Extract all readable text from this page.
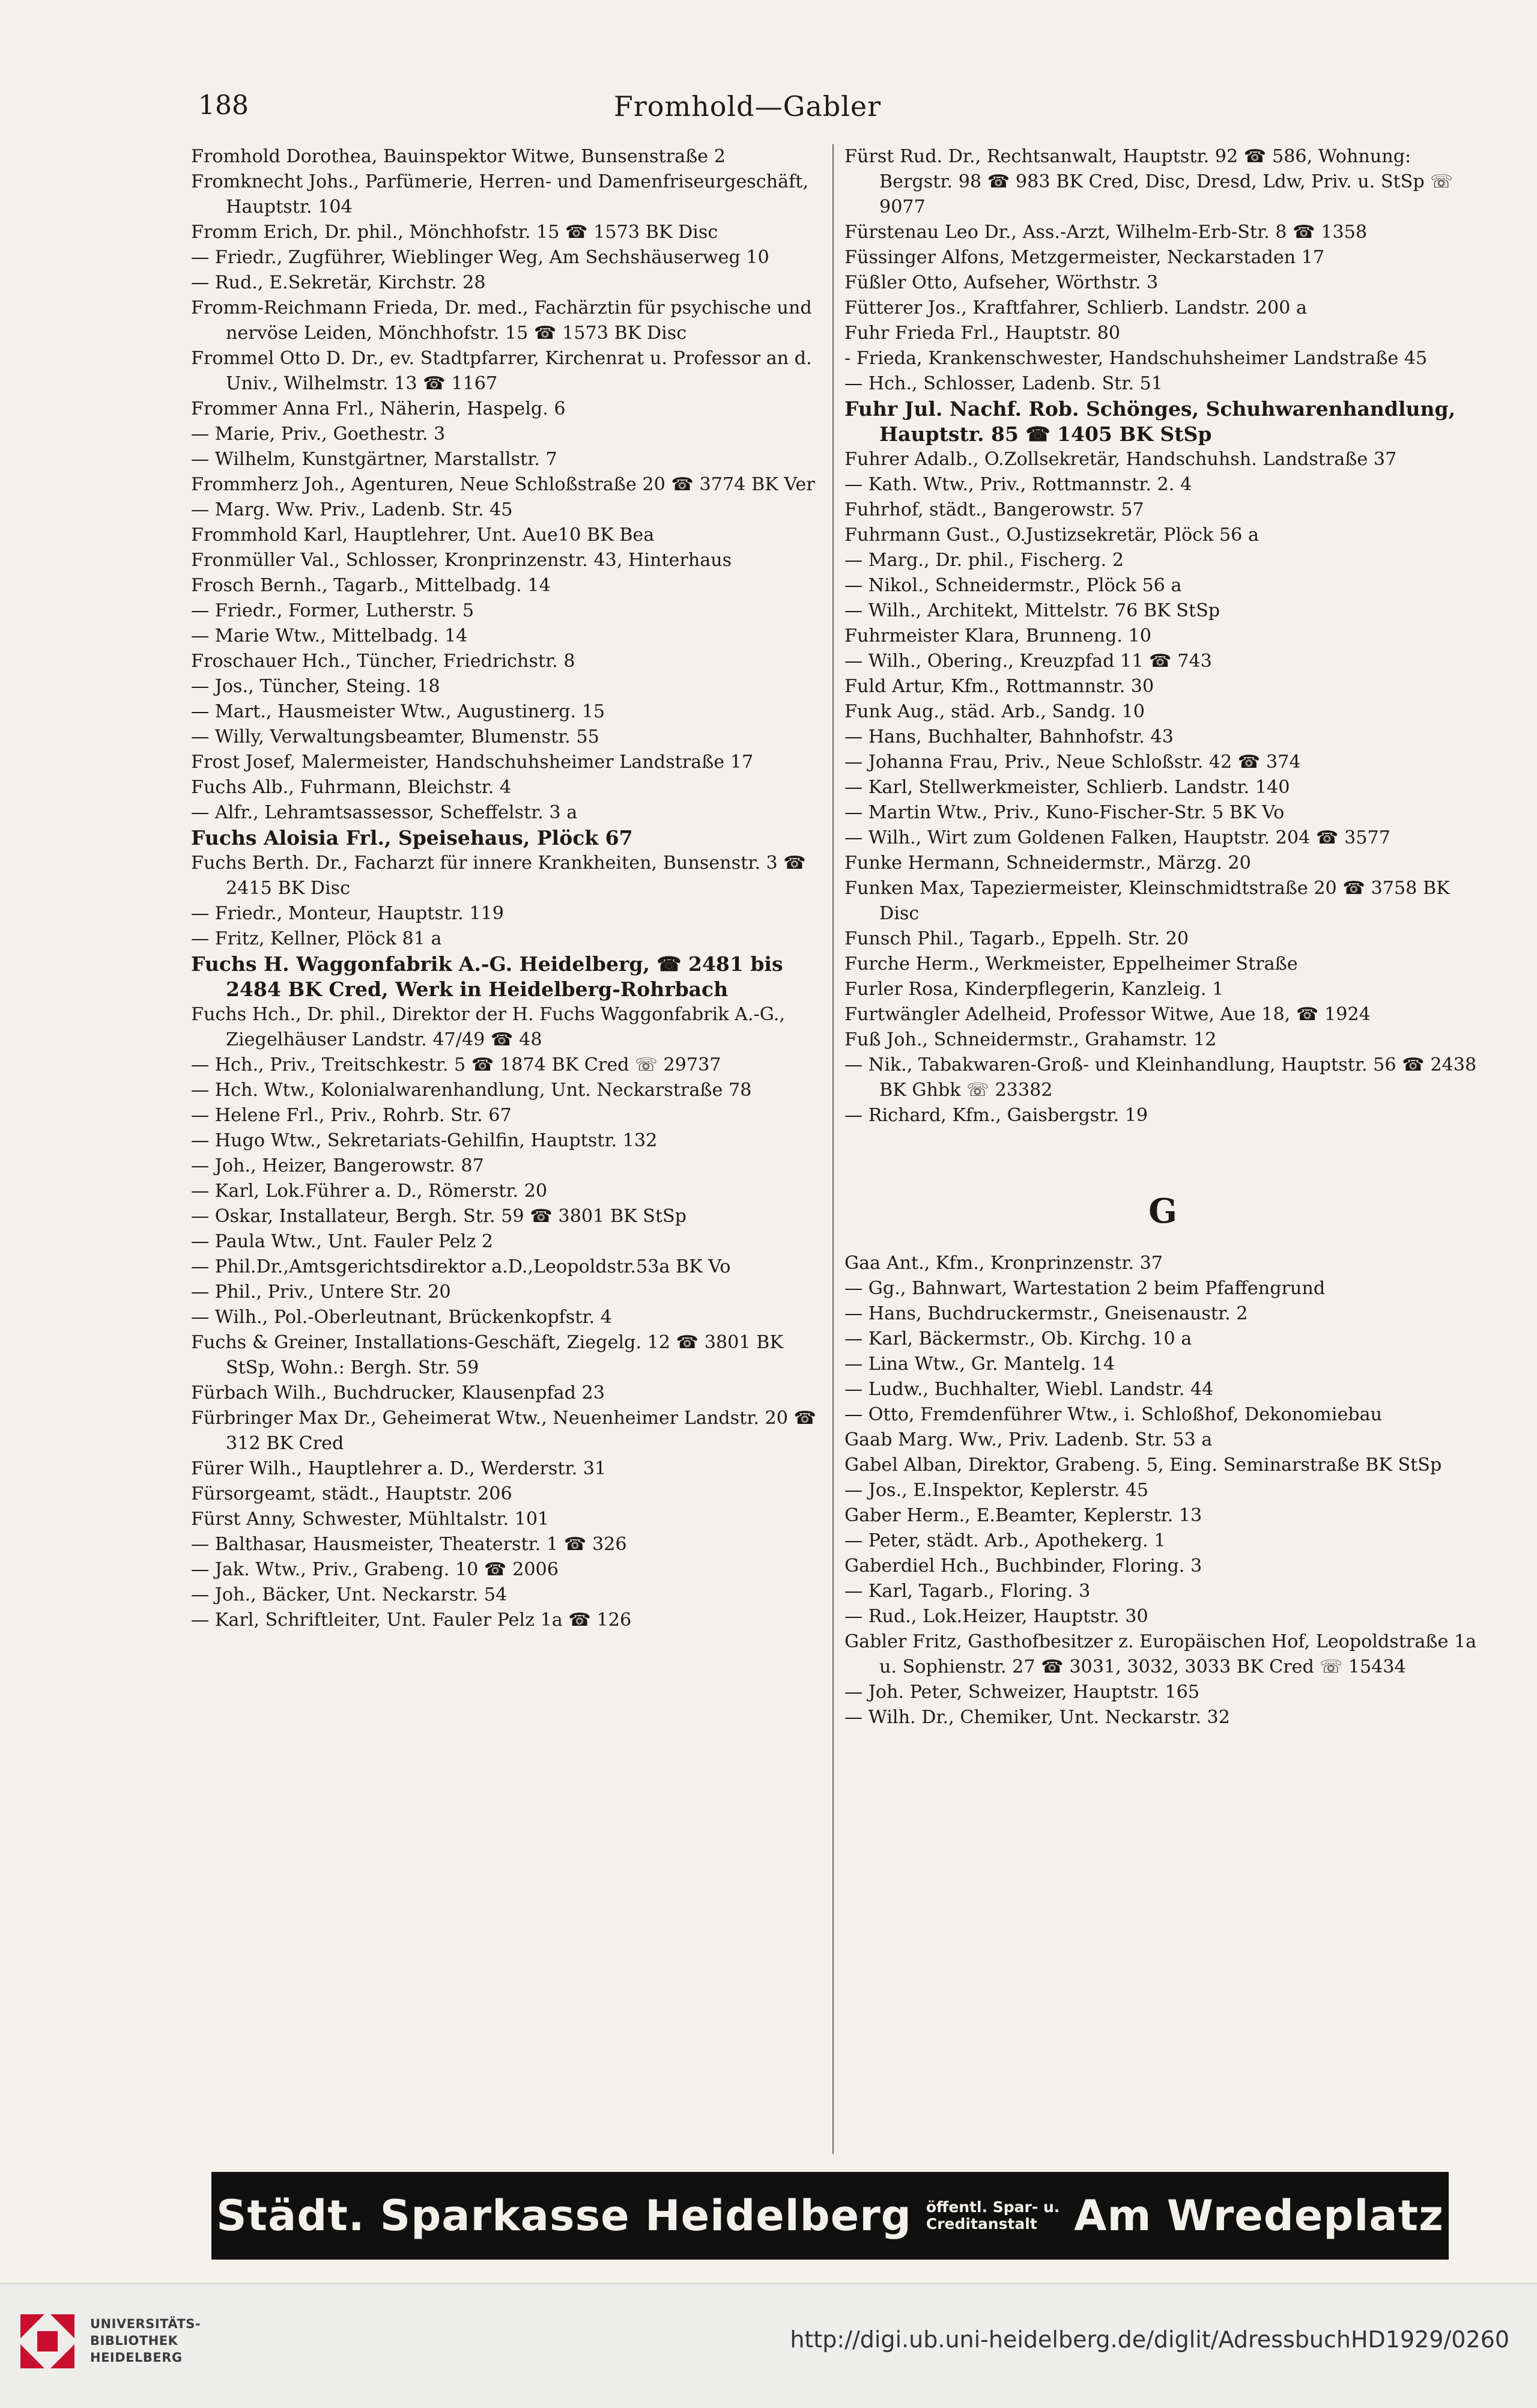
188	Fromhold—Gabler

Fromhold Dorothea, Bauinspektor Witwe, Bunsenstraße 2

Fromknecht Johs., Parfümerie, Herren- und Damenfriseurgeschäft, Hauptstr. 104

Fromm Erich, Dr. phil., Mönchhofstr. 15 ☎ 1573 BK Disc

— Friedr., Zugführer, Wieblinger Weg, Am Sechshäuserweg 10

— Rud., E.Sekretär, Kirchstr. 28

Fromm-Reichmann Frieda, Dr. med., Fachärztin für psychische und nervöse Leiden, Mönchhofstr. 15 ☎ 1573 BK Disc

Frommel Otto D. Dr., ev. Stadtpfarrer, Kirchenrat u. Professor an d. Univ., Wilhelmstr. 13 ☎ 1167

Frommer Anna Frl., Näherin, Haspelg. 6

— Marie, Priv., Goethestr. 3

— Wilhelm, Kunstgärtner, Marstallstr. 7

Frommherz Joh., Agenturen, Neue Schloßstraße 20 ☎ 3774 BK Ver

— Marg. Ww. Priv., Ladenb. Str. 45

Frommhold Karl, Hauptlehrer, Unt. Aue10 BK Bea

Fronmüller Val., Schlosser, Kronprinzenstr. 43, Hinterhaus

Frosch Bernh., Tagarb., Mittelbadg. 14

— Friedr., Former, Lutherstr. 5

— Marie Wtw., Mittelbadg. 14

Froschauer Hch., Tüncher, Friedrichstr. 8

— Jos., Tüncher, Steing. 18

— Mart., Hausmeister Wtw., Augustinerg. 15

— Willy, Verwaltungsbeamter, Blumenstr. 55

Frost Josef, Malermeister, Handschuhsheimer Landstraße 17

Fuchs Alb., Fuhrmann, Bleichstr. 4

— Alfr., Lehramtsassessor, Scheffelstr. 3 a

Fuchs Aloisia Frl., Speisehaus, Plöck 67

Fuchs Berth. Dr., Facharzt für innere Krankheiten, Bunsenstr. 3 ☎ 2415 BK Disc

— Friedr., Monteur, Hauptstr. 119

— Fritz, Kellner, Plöck 81 a

Fuchs H. Waggonfabrik A.-G. Heidelberg, ☎ 2481 bis 2484 BK Cred, Werk in Heidelberg-Rohrbach

Fuchs Hch., Dr. phil., Direktor der H. Fuchs Waggonfabrik A.-G., Ziegelhäuser Landstr. 47/49 ☎ 48

— Hch., Priv., Treitschkestr. 5 ☎ 1874 BK Cred ☏ 29737

— Hch. Wtw., Kolonialwarenhandlung, Unt. Neckarstraße 78

— Helene Frl., Priv., Rohrb. Str. 67

— Hugo Wtw., Sekretariats-Gehilfin, Hauptstr. 132

— Joh., Heizer, Bangerowstr. 87

— Karl, Lok.Führer a. D., Römerstr. 20

— Oskar, Installateur, Bergh. Str. 59 ☎ 3801 BK StSp

— Paula Wtw., Unt. Fauler Pelz 2

— Phil.Dr.,Amtsgerichtsdirektor a.D.,Leopoldstr.53a BK Vo

— Phil., Priv., Untere Str. 20

— Wilh., Pol.-Oberleutnant, Brückenkopfstr. 4

Fuchs & Greiner, Installations-Geschäft, Ziegelg. 12 ☎ 3801 BK StSp, Wohn.: Bergh. Str. 59

Fürbach Wilh., Buchdrucker, Klausenpfad 23

Fürbringer Max Dr., Geheimerat Wtw., Neuenheimer Landstr. 20 ☎ 312 BK Cred

Fürer Wilh., Hauptlehrer a. D., Werderstr. 31

Fürsorgeamt, städt., Hauptstr. 206

Fürst Anny, Schwester, Mühltalstr. 101

— Balthasar, Hausmeister, Theaterstr. 1 ☎ 326

— Jak. Wtw., Priv., Grabeng. 10 ☎ 2006

— Joh., Bäcker, Unt. Neckarstr. 54

— Karl, Schriftleiter, Unt. Fauler Pelz 1a ☎ 126

Fürst Rud. Dr., Rechtsanwalt, Hauptstr. 92 ☎ 586, Wohnung: Bergstr. 98 ☎ 983 BK Cred, Disc, Dresd, Ldw, Priv. u. StSp ☏ 9077

Fürstenau Leo Dr., Ass.-Arzt, Wilhelm-Erb-Str. 8 ☎ 1358

Füssinger Alfons, Metzgermeister, Neckarstaden 17

Füßler Otto, Aufseher, Wörthstr. 3

Fütterer Jos., Kraftfahrer, Schlierb. Landstr. 200 a

Fuhr Frieda Frl., Hauptstr. 80

- Frieda, Krankenschwester, Handschuhsheimer Landstraße 45

— Hch., Schlosser, Ladenb. Str. 51

Fuhr Jul. Nachf. Rob. Schönges, Schuhwarenhandlung, Hauptstr. 85 ☎ 1405 BK StSp

Fuhrer Adalb., O.Zollsekretär, Handschuhsh. Landstraße 37

— Kath. Wtw., Priv., Rottmannstr. 2. 4

Fuhrhof, städt., Bangerowstr. 57

Fuhrmann Gust., O.Justizsekretär, Plöck 56 a

— Marg., Dr. phil., Fischerg. 2

— Nikol., Schneidermstr., Plöck 56 a

— Wilh., Architekt, Mittelstr. 76 BK StSp

Fuhrmeister Klara, Brunneng. 10

— Wilh., Obering., Kreuzpfad 11 ☎ 743

Fuld Artur, Kfm., Rottmannstr. 30

Funk Aug., städ. Arb., Sandg. 10

— Hans, Buchhalter, Bahnhofstr. 43

— Johanna Frau, Priv., Neue Schloßstr. 42 ☎ 374

— Karl, Stellwerkmeister, Schlierb. Landstr. 140

— Martin Wtw., Priv., Kuno-Fischer-Str. 5 BK Vo

— Wilh., Wirt zum Goldenen Falken, Hauptstr. 204 ☎ 3577

Funke Hermann, Schneidermstr., Märzg. 20

Funken Max, Tapeziermeister, Kleinschmidtstraße 20 ☎ 3758 BK Disc

Funsch Phil., Tagarb., Eppelh. Str. 20

Furche Herm., Werkmeister, Eppelheimer Straße

Furler Rosa, Kinderpflegerin, Kanzleig. 1

Furtwängler Adelheid, Professor Witwe, Aue 18, ☎ 1924

Fuß Joh., Schneidermstr., Grahamstr. 12

— Nik., Tabakwaren-Groß- und Kleinhandlung, Hauptstr. 56 ☎ 2438 BK Ghbk ☏ 23382

— Richard, Kfm., Gaisbergstr. 19

G

Gaa Ant., Kfm., Kronprinzenstr. 37

— Gg., Bahnwart, Wartestation 2 beim Pfaffengrund

— Hans, Buchdruckermstr., Gneisenaustr. 2

— Karl, Bäckermstr., Ob. Kirchg. 10 a

— Lina Wtw., Gr. Mantelg. 14

— Ludw., Buchhalter, Wiebl. Landstr. 44

— Otto, Fremdenführer Wtw., i. Schloßhof, Dekonomiebau

Gaab Marg. Ww., Priv. Ladenb. Str. 53 a

Gabel Alban, Direktor, Grabeng. 5, Eing. Seminarstraße BK StSp

— Jos., E.Inspektor, Keplerstr. 45

Gaber Herm., E.Beamter, Keplerstr. 13

— Peter, städt. Arb., Apothekerg. 1

Gaberdiel Hch., Buchbinder, Floring. 3

— Karl, Tagarb., Floring. 3

— Rud., Lok.Heizer, Hauptstr. 30

Gabler Fritz, Gasthofbesitzer z. Europäischen Hof, Leopoldstraße 1a u. Sophienstr. 27 ☎ 3031, 3032, 3033 BK Cred ☏ 15434

— Joh. Peter, Schweizer, Hauptstr. 165

— Wilh. Dr., Chemiker, Unt. Neckarstr. 32

Städt. Sparkasse Heidelberg öffentl. Spar- u.
Creditanstalt Am Wredeplatz
UNIVERSITÄTS-
BIBLIOTHEK
HEIDELBERG
http://digi.ub.uni-heidelberg.de/diglit/AdressbuchHD1929/0260
